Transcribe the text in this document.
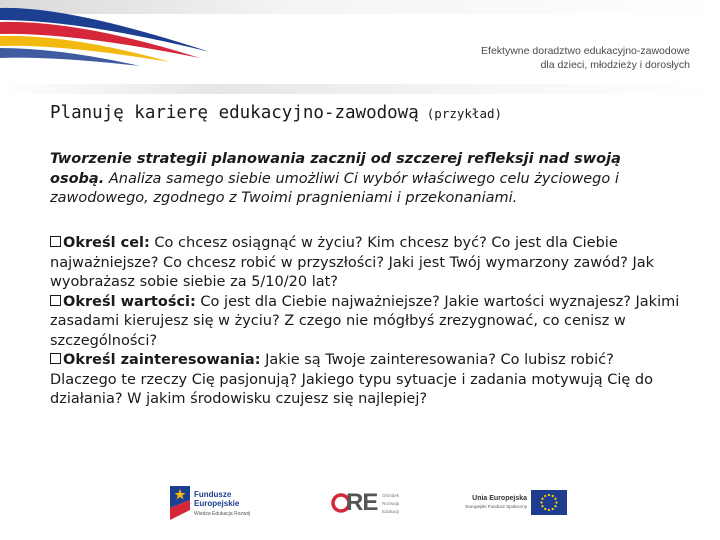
Efektywne doradztwo edukacyjno-zawodowe
dla dzieci, młodzieży i dorosłych
Planuję karierę edukacyjno-zawodową (przykład)
Tworzenie strategii planowania zacznij od szczerej refleksji nad swoją osobą. Analiza samego siebie umożliwi Ci wybór właściwego celu życiowego i zawodowego, zgodnego z Twoimi pragnieniami i przekonaniami.

Określ cel: Co chcesz osiągnąć w życiu? Kim chcesz być? Co jest dla Ciebie najważniejsze? Co chcesz robić w przyszłości? Jaki jest Twój wymarzony zawód? Jak wyobrażasz sobie siebie za 5/10/20 lat?

Określ wartości: Co jest dla Ciebie najważniejsze? Jakie wartości wyznajesz? Jakimi zasadami kierujesz się w życiu? Z czego nie mógłbyś zrezygnować, co cenisz w szczególności?

Określ zainteresowania: Jakie są Twoje zainteresowania? Co lubisz robić? Dlaczego te rzeczy Cię pasjonują? Jakiego typu sytuacje i zadania motywują Cię do działania? W jakim środowisku czujesz się najlepiej?

Fundusze
Europejskie
Wiedza Edukacja Rozwój	RE Ośrodek
Rozwoju
Edukacji
Unia Europejska
Europejski Fundusz Społeczny
